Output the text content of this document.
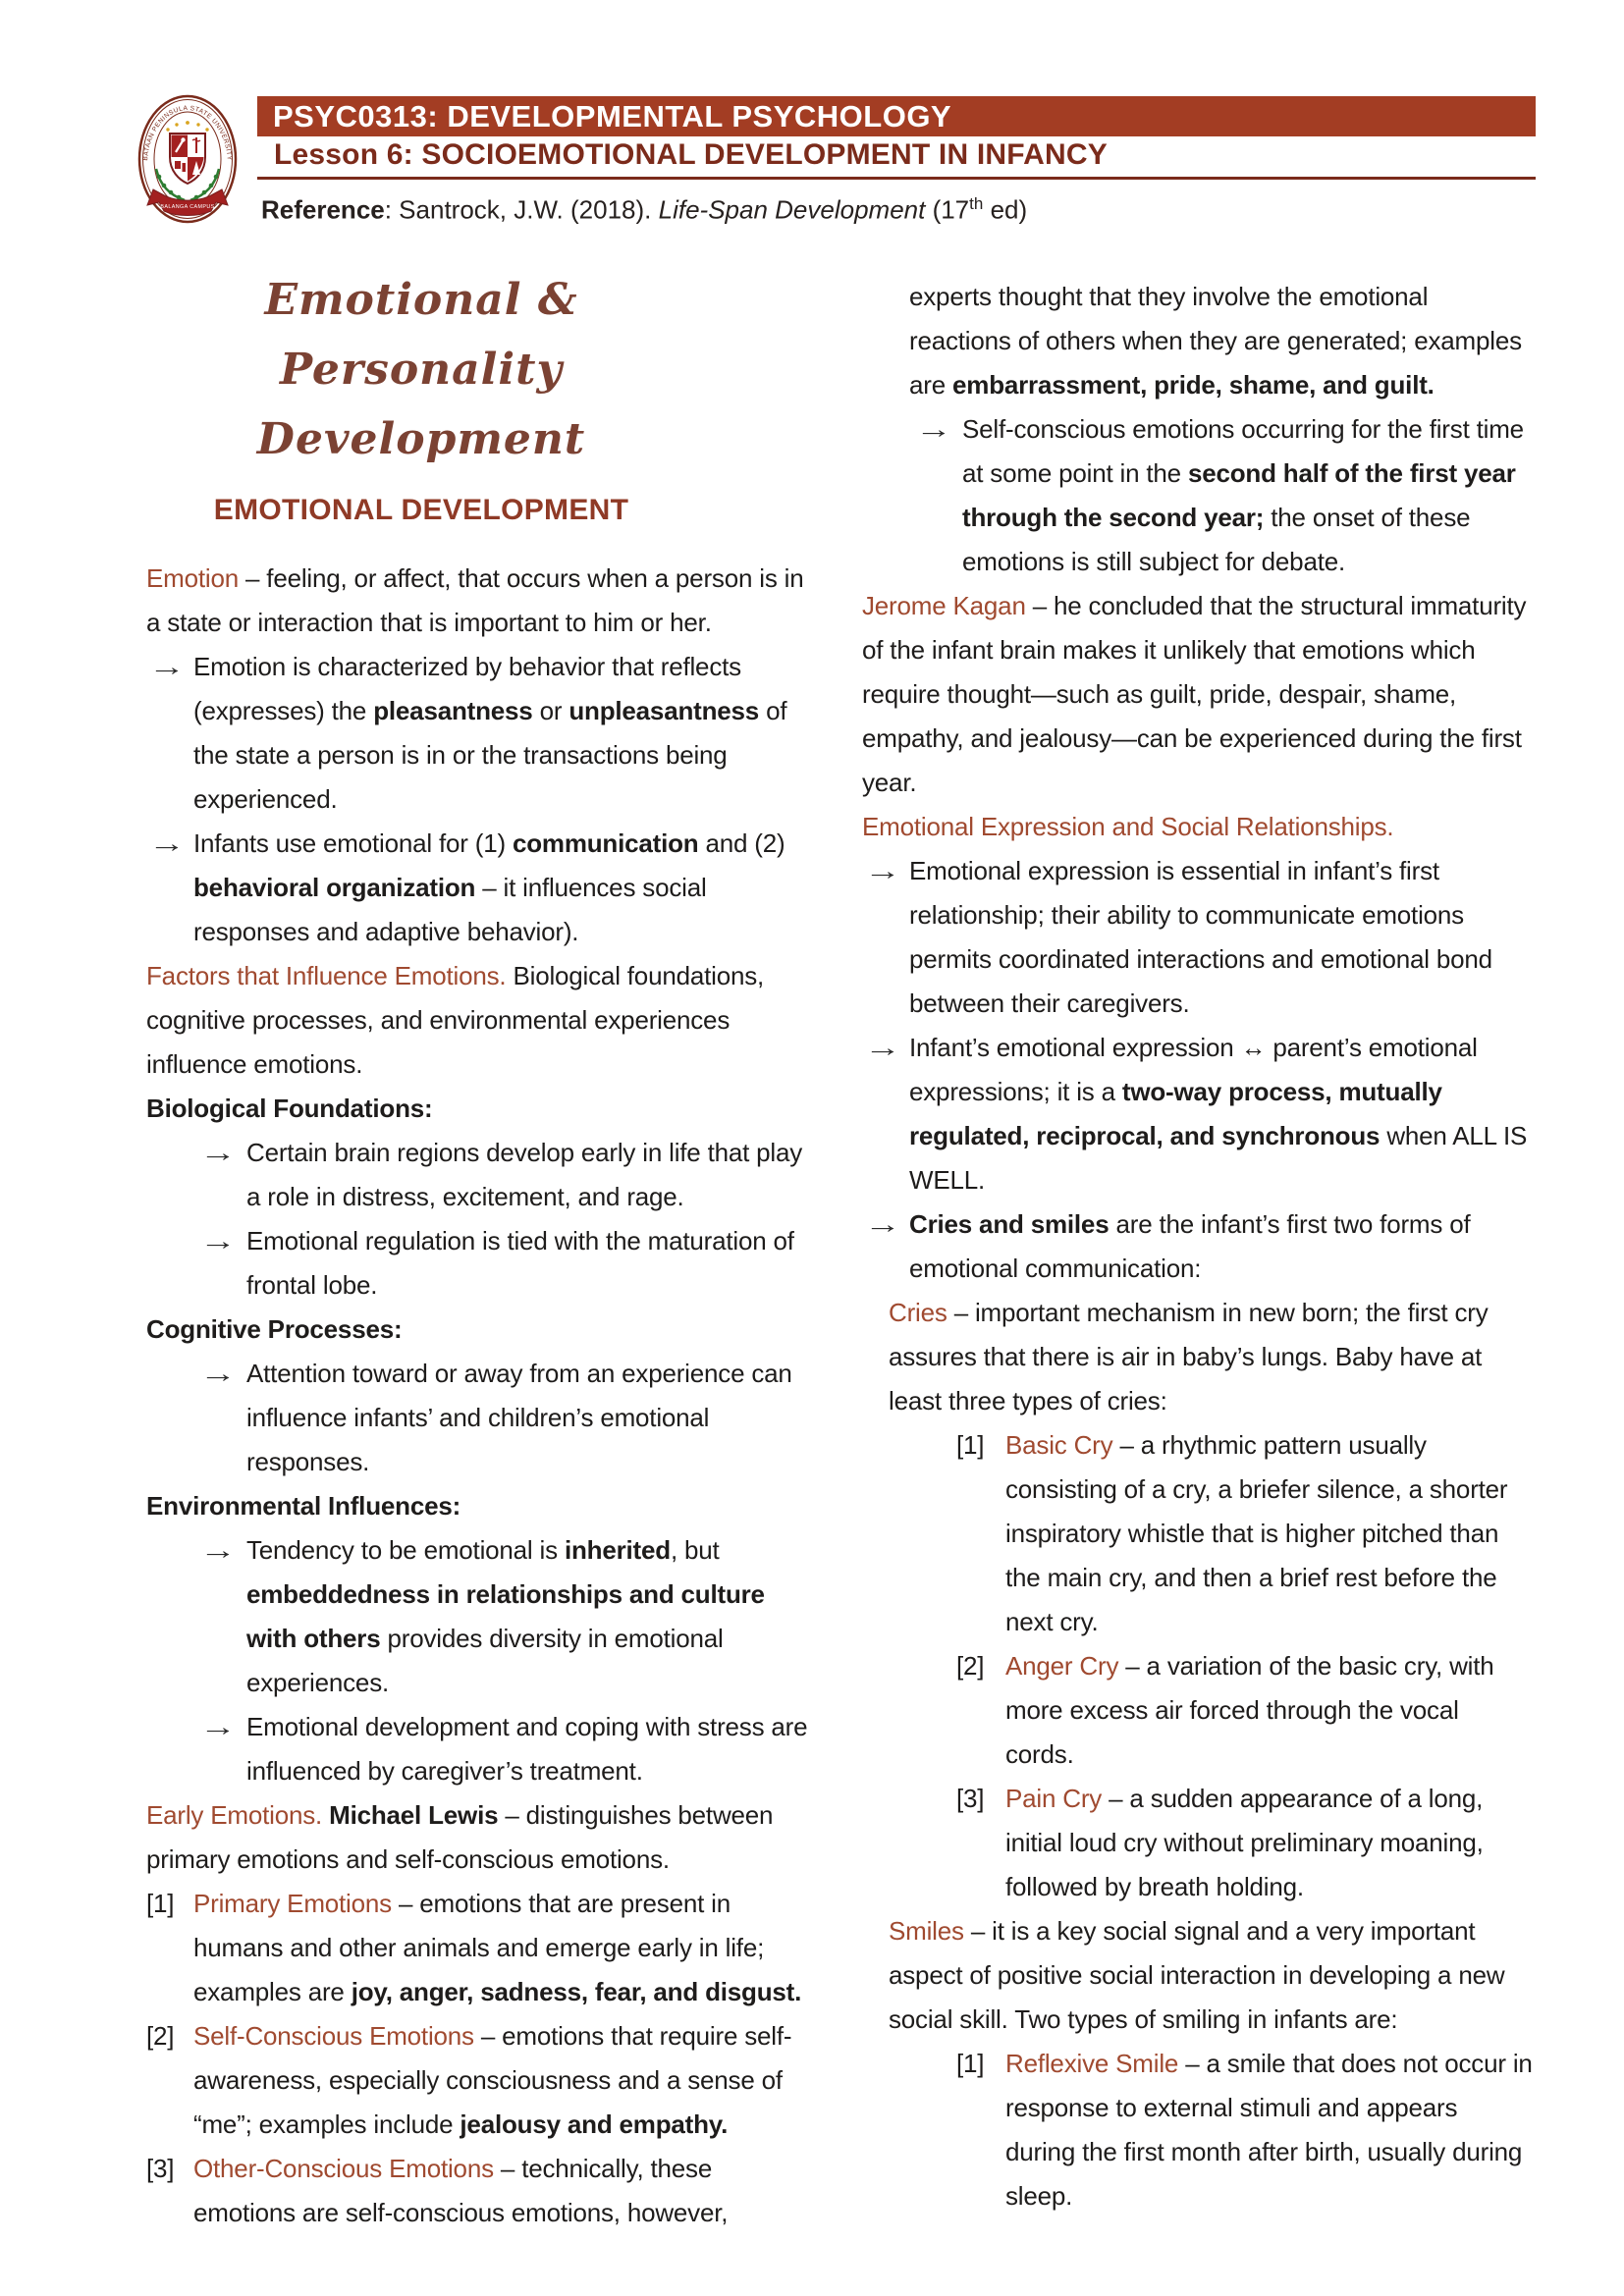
BATAAN PENINSULA STATE UNIVERSITY
BALANGA CAMPUS
PSYC0313: DEVELOPMENTAL PSYCHOLOGY
Lesson 6: SOCIOEMOTIONAL DEVELOPMENT IN INFANCY
Reference: Santrock, J.W. (2018). Life-Span Development (17th ed)
Emotional & Personality
Development
EMOTIONAL DEVELOPMENT
Emotion – feeling, or affect, that occurs when a person is in a state or interaction that is important to him or her.
→ Emotion is characterized by behavior that reflects (expresses) the pleasantness or unpleasantness of the state a person is in or the transactions being experienced.
→ Infants use emotional for (1) communication and (2) behavioral organization – it influences social responses and adaptive behavior).
Factors that Influence Emotions. Biological foundations, cognitive processes, and environmental experiences influence emotions.
Biological Foundations:
→ Certain brain regions develop early in life that play a role in distress, excitement, and rage.
→ Emotional regulation is tied with the maturation of frontal lobe.
Cognitive Processes:
→ Attention toward or away from an experience can influence infants’ and children’s emotional responses.
Environmental Influences:
→ Tendency to be emotional is inherited, but embeddedness in relationships and culture with others provides diversity in emotional experiences.
→ Emotional development and coping with stress are influenced by caregiver’s treatment.
Early Emotions. Michael Lewis – distinguishes between primary emotions and self-conscious emotions.
[1] Primary Emotions – emotions that are present in humans and other animals and emerge early in life; examples are joy, anger, sadness, fear, and disgust.
[2] Self-Conscious Emotions – emotions that require self-awareness, especially consciousness and a sense of “me”; examples include jealousy and empathy.
[3] Other-Conscious Emotions – technically, these emotions are self-conscious emotions, however,
experts thought that they involve the emotional reactions of others when they are generated; examples are embarrassment, pride, shame, and guilt.
→ Self-conscious emotions occurring for the first time at some point in the second half of the first year through the second year; the onset of these emotions is still subject for debate.
Jerome Kagan – he concluded that the structural immaturity of the infant brain makes it unlikely that emotions which require thought—such as guilt, pride, despair, shame, empathy, and jealousy—can be experienced during the first year.
Emotional Expression and Social Relationships.
→ Emotional expression is essential in infant’s first relationship; their ability to communicate emotions permits coordinated interactions and emotional bond between their caregivers.
→ Infant’s emotional expression ↔ parent’s emotional expressions; it is a two-way process, mutually regulated, reciprocal, and synchronous when ALL IS WELL.
→ Cries and smiles are the infant’s first two forms of emotional communication:
Cries – important mechanism in new born; the first cry assures that there is air in baby’s lungs. Baby have at least three types of cries:
[1] Basic Cry – a rhythmic pattern usually consisting of a cry, a briefer silence, a shorter inspiratory whistle that is higher pitched than the main cry, and then a brief rest before the next cry.
[2] Anger Cry – a variation of the basic cry, with more excess air forced through the vocal cords.
[3] Pain Cry – a sudden appearance of a long, initial loud cry without preliminary moaning, followed by breath holding.
Smiles – it is a key social signal and a very important aspect of positive social interaction in developing a new social skill. Two types of smiling in infants are:
[1] Reflexive Smile – a smile that does not occur in response to external stimuli and appears during the first month after birth, usually during sleep.
